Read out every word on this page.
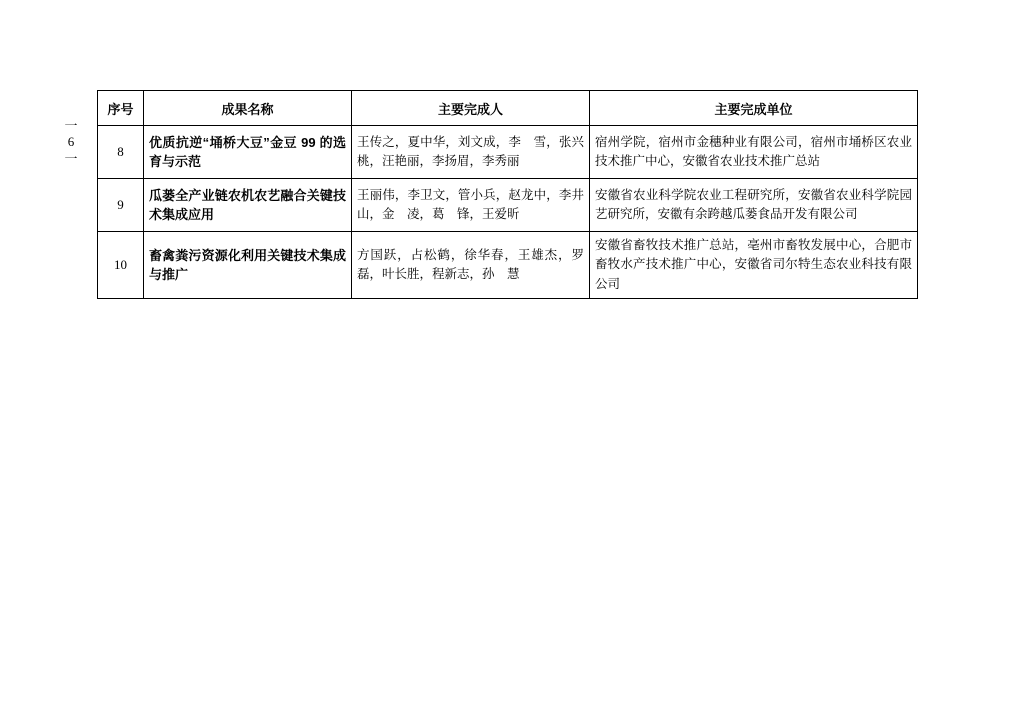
一
6
一
序号	成果名称	主要完成人	主要完成单位
8	优质抗逆“埇桥大豆”金豆 99 的选育与示范	王传之，夏中华，刘文成，李　雪，张兴桃，汪艳丽，李扬眉，李秀丽	宿州学院，宿州市金穗种业有限公司，宿州市埇桥区农业技术推广中心，安徽省农业技术推广总站
9	瓜蒌全产业链农机农艺融合关键技术集成应用	王丽伟，李卫文，管小兵，赵龙中，李井山，金　凌，葛　锋，王爱昕	安徽省农业科学院农业工程研究所，安徽省农业科学院园艺研究所，安徽有余跨越瓜蒌食品开发有限公司
10	畜禽粪污资源化利用关键技术集成与推广	方国跃，占松鹤，徐华春，王雄杰，罗　磊，叶长胜，程新志，孙　慧	安徽省畜牧技术推广总站，亳州市畜牧发展中心，合肥市畜牧水产技术推广中心，安徽省司尔特生态农业科技有限公司
